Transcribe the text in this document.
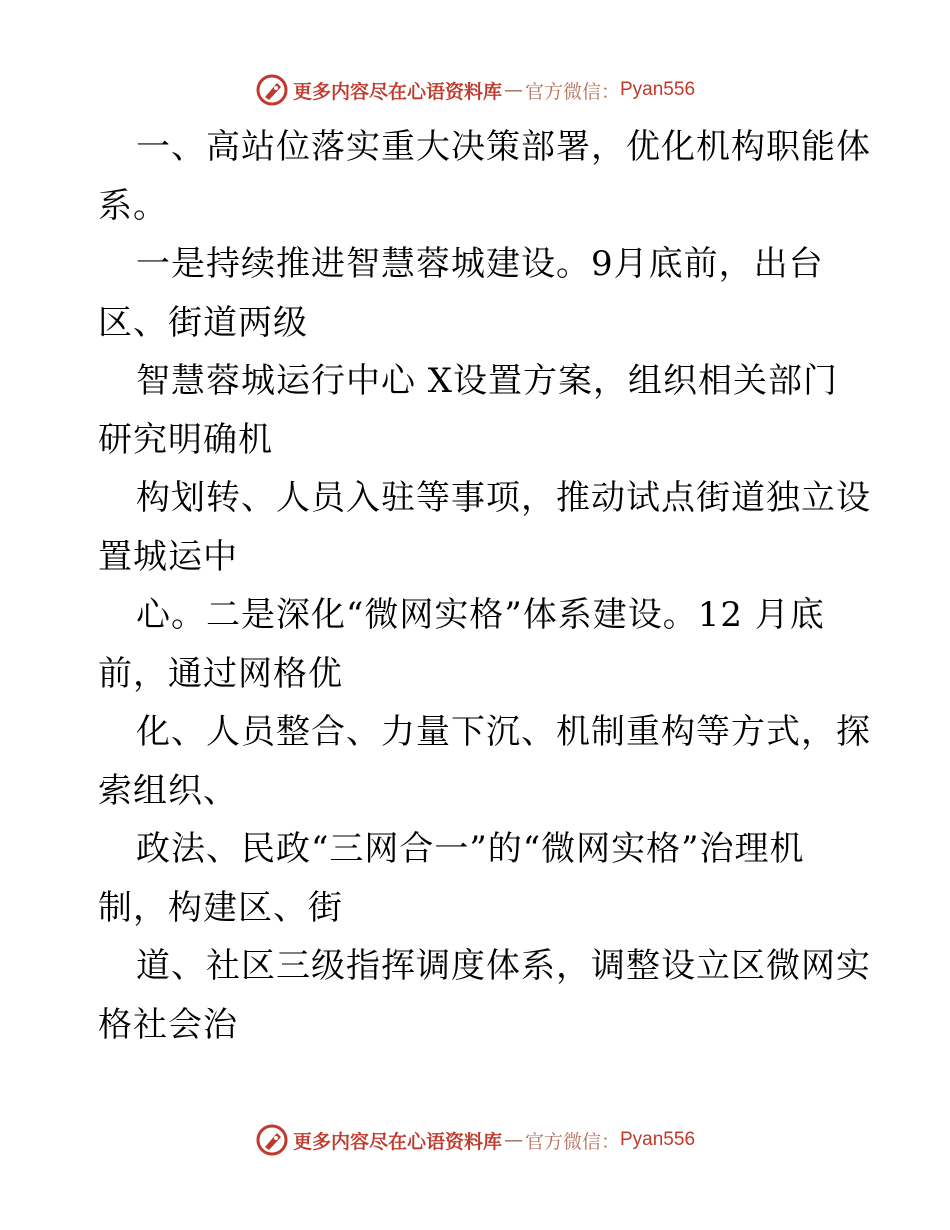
更多内容尽在心语资料库 — 官方微信： Pyan556
一、高站位落实重大决策部署，优化机构职能体
系。
一是持续推进智慧蓉城建设。9月底前，出台
区、街道两级
智慧蓉城运行中心 X设置方案，组织相关部门
研究明确机
构划转、人员入驻等事项，推动试点街道独立设
置城运中
心。二是深化“微网实格”体系建设。12 月底
前，通过网格优
化、人员整合、力量下沉、机制重构等方式，探
索组织、
政法、民政“三网合一”的“微网实格”治理机
制，构建区、街
道、社区三级指挥调度体系，调整设立区微网实
格社会治
更多内容尽在心语资料库 — 官方微信： Pyan556
